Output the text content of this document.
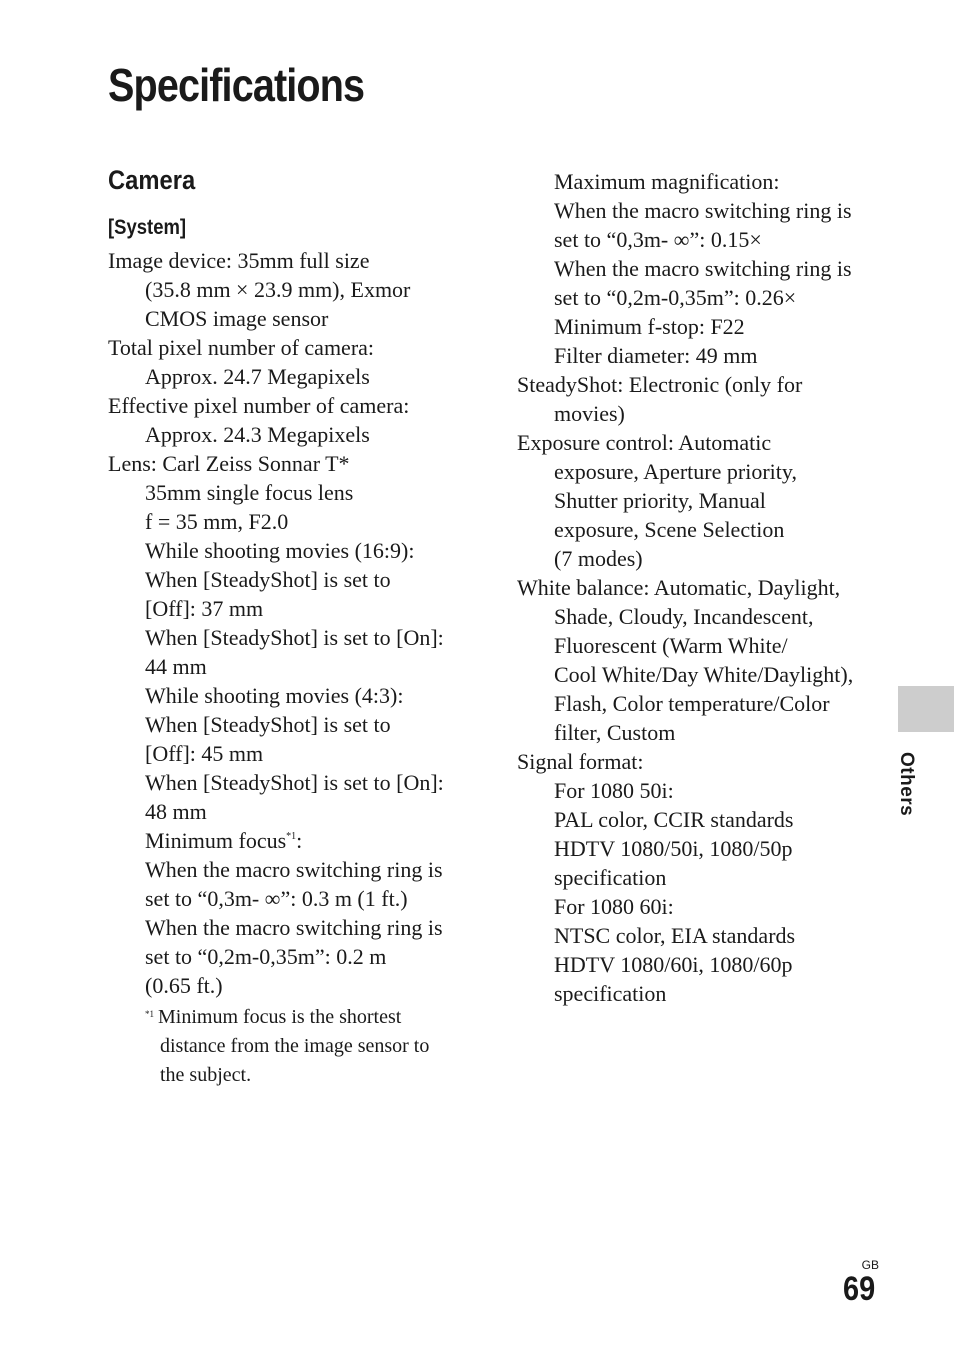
Specifications
Camera
[System]
Image device: 35mm full size
(35.8 mm × 23.9 mm), Exmor
CMOS image sensor
Total pixel number of camera:
Approx. 24.7 Megapixels
Effective pixel number of camera:
Approx. 24.3 Megapixels
Lens: Carl Zeiss Sonnar T*
35mm single focus lens
f = 35 mm, F2.0
While shooting movies (16:9):
When [SteadyShot] is set to
[Off]: 37 mm
When [SteadyShot] is set to [On]:
44 mm
While shooting movies (4:3):
When [SteadyShot] is set to
[Off]: 45 mm
When [SteadyShot] is set to [On]:
48 mm
Minimum focus$^{*1}$:
When the macro switching ring is
set to “0,3m- ∞”: 0.3 m (1 ft.)
When the macro switching ring is
set to “0,2m-0,35m”: 0.2 m
(0.65 ft.)
$^{*1}$ Minimum focus is the shortest
distance from the image sensor to
the subject.
Maximum magnification:
When the macro switching ring is
set to “0,3m- ∞”: 0.15×
When the macro switching ring is
set to “0,2m-0,35m”: 0.26×
Minimum f-stop: F22
Filter diameter: 49 mm
SteadyShot: Electronic (only for
movies)
Exposure control: Automatic
exposure, Aperture priority,
Shutter priority, Manual
exposure, Scene Selection
(7 modes)
White balance: Automatic, Daylight,
Shade, Cloudy, Incandescent,
Fluorescent (Warm White/
Cool White/Day White/Daylight),
Flash, Color temperature/Color
filter, Custom
Signal format:
For 1080 50i:
PAL color, CCIR standards
HDTV 1080/50i, 1080/50p
specification
For 1080 60i:
NTSC color, EIA standards
HDTV 1080/60i, 1080/60p
specification
Others
GB
69
